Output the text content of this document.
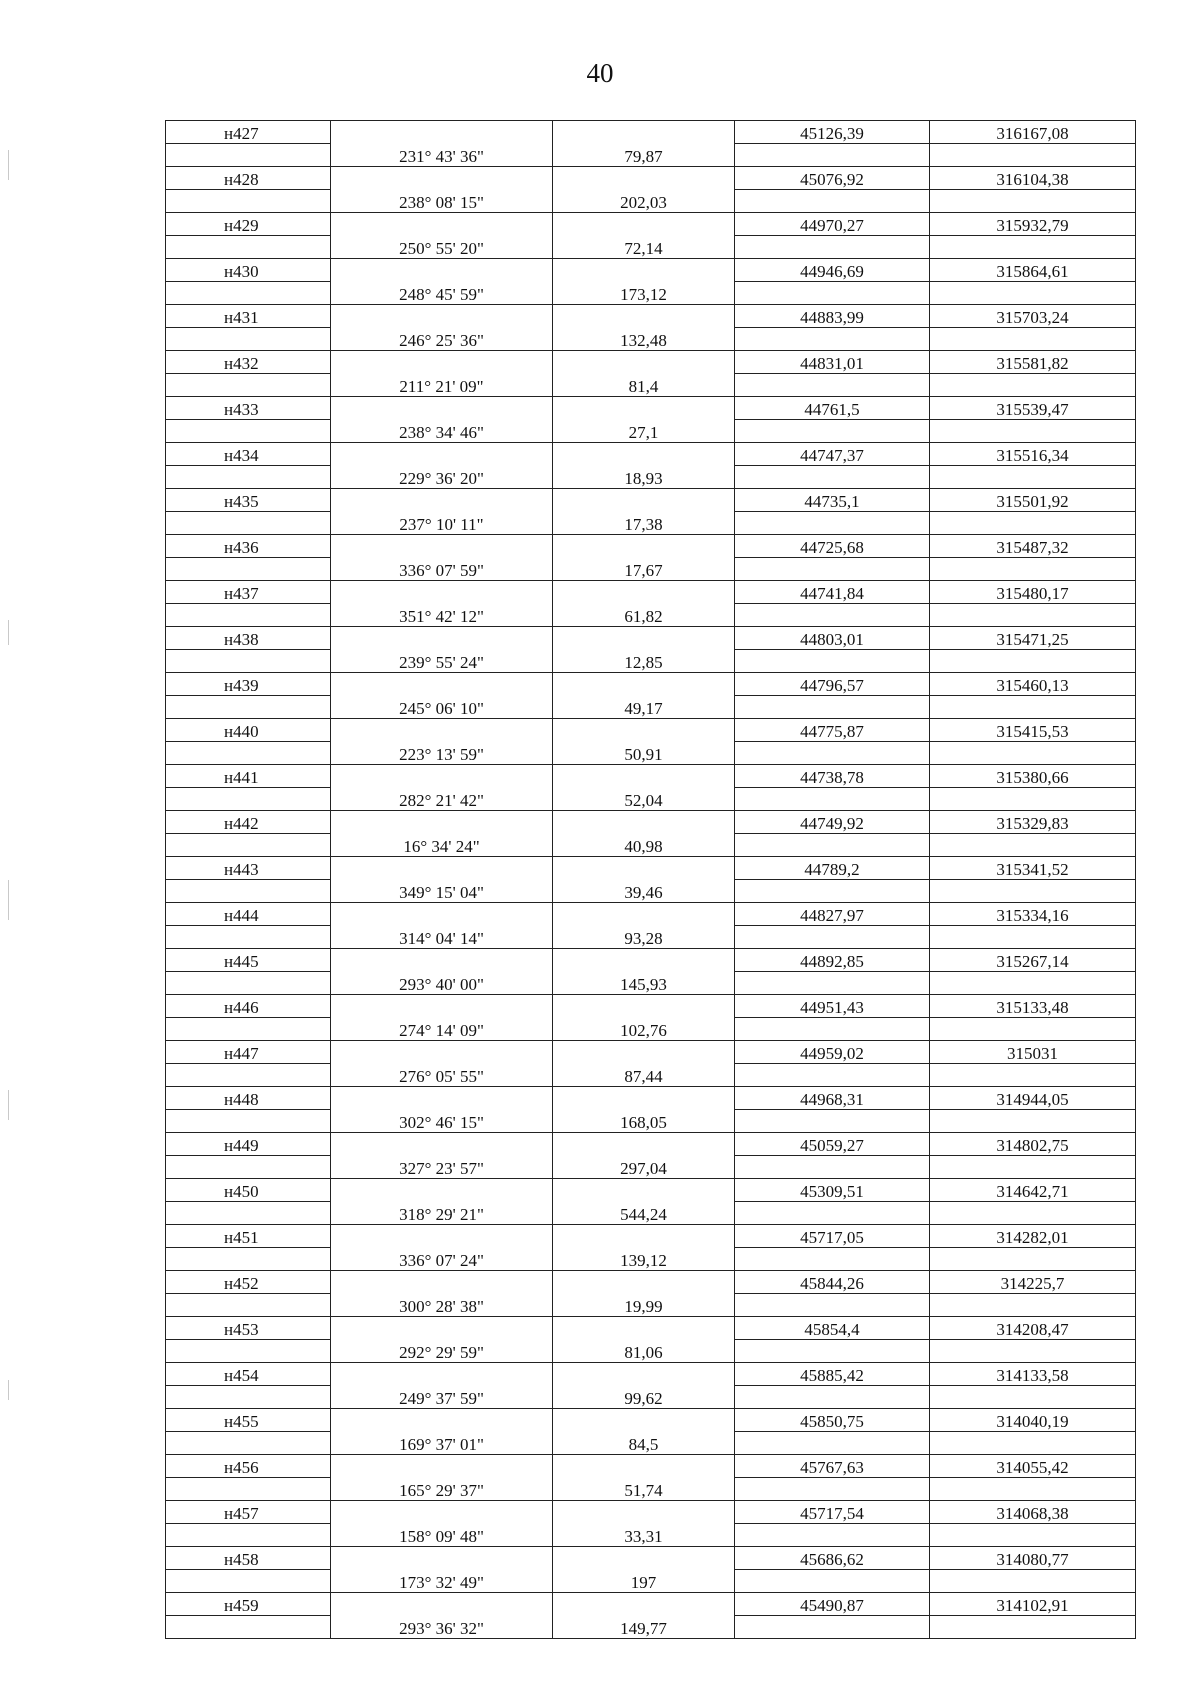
40
н427			45126,39	316167,08
	231° 43' 36"	79,87		
н428			45076,92	316104,38
	238° 08' 15"	202,03		
н429			44970,27	315932,79
	250° 55' 20"	72,14		
н430			44946,69	315864,61
	248° 45' 59"	173,12		
н431			44883,99	315703,24
	246° 25' 36"	132,48		
н432			44831,01	315581,82
	211° 21' 09"	81,4		
н433			44761,5	315539,47
	238° 34' 46"	27,1		
н434			44747,37	315516,34
	229° 36' 20"	18,93		
н435			44735,1	315501,92
	237° 10' 11"	17,38		
н436			44725,68	315487,32
	336° 07' 59"	17,67		
н437			44741,84	315480,17
	351° 42' 12"	61,82		
н438			44803,01	315471,25
	239° 55' 24"	12,85		
н439			44796,57	315460,13
	245° 06' 10"	49,17		
н440			44775,87	315415,53
	223° 13' 59"	50,91		
н441			44738,78	315380,66
	282° 21' 42"	52,04		
н442			44749,92	315329,83
	16° 34' 24"	40,98		
н443			44789,2	315341,52
	349° 15' 04"	39,46		
н444			44827,97	315334,16
	314° 04' 14"	93,28		
н445			44892,85	315267,14
	293° 40' 00"	145,93		
н446			44951,43	315133,48
	274° 14' 09"	102,76		
н447			44959,02	315031
	276° 05' 55"	87,44		
н448			44968,31	314944,05
	302° 46' 15"	168,05		
н449			45059,27	314802,75
	327° 23' 57"	297,04		
н450			45309,51	314642,71
	318° 29' 21"	544,24		
н451			45717,05	314282,01
	336° 07' 24"	139,12		
н452			45844,26	314225,7
	300° 28' 38"	19,99		
н453			45854,4	314208,47
	292° 29' 59"	81,06		
н454			45885,42	314133,58
	249° 37' 59"	99,62		
н455			45850,75	314040,19
	169° 37' 01"	84,5		
н456			45767,63	314055,42
	165° 29' 37"	51,74		
н457			45717,54	314068,38
	158° 09' 48"	33,31		
н458			45686,62	314080,77
	173° 32' 49"	197		
н459			45490,87	314102,91
	293° 36' 32"	149,77		
